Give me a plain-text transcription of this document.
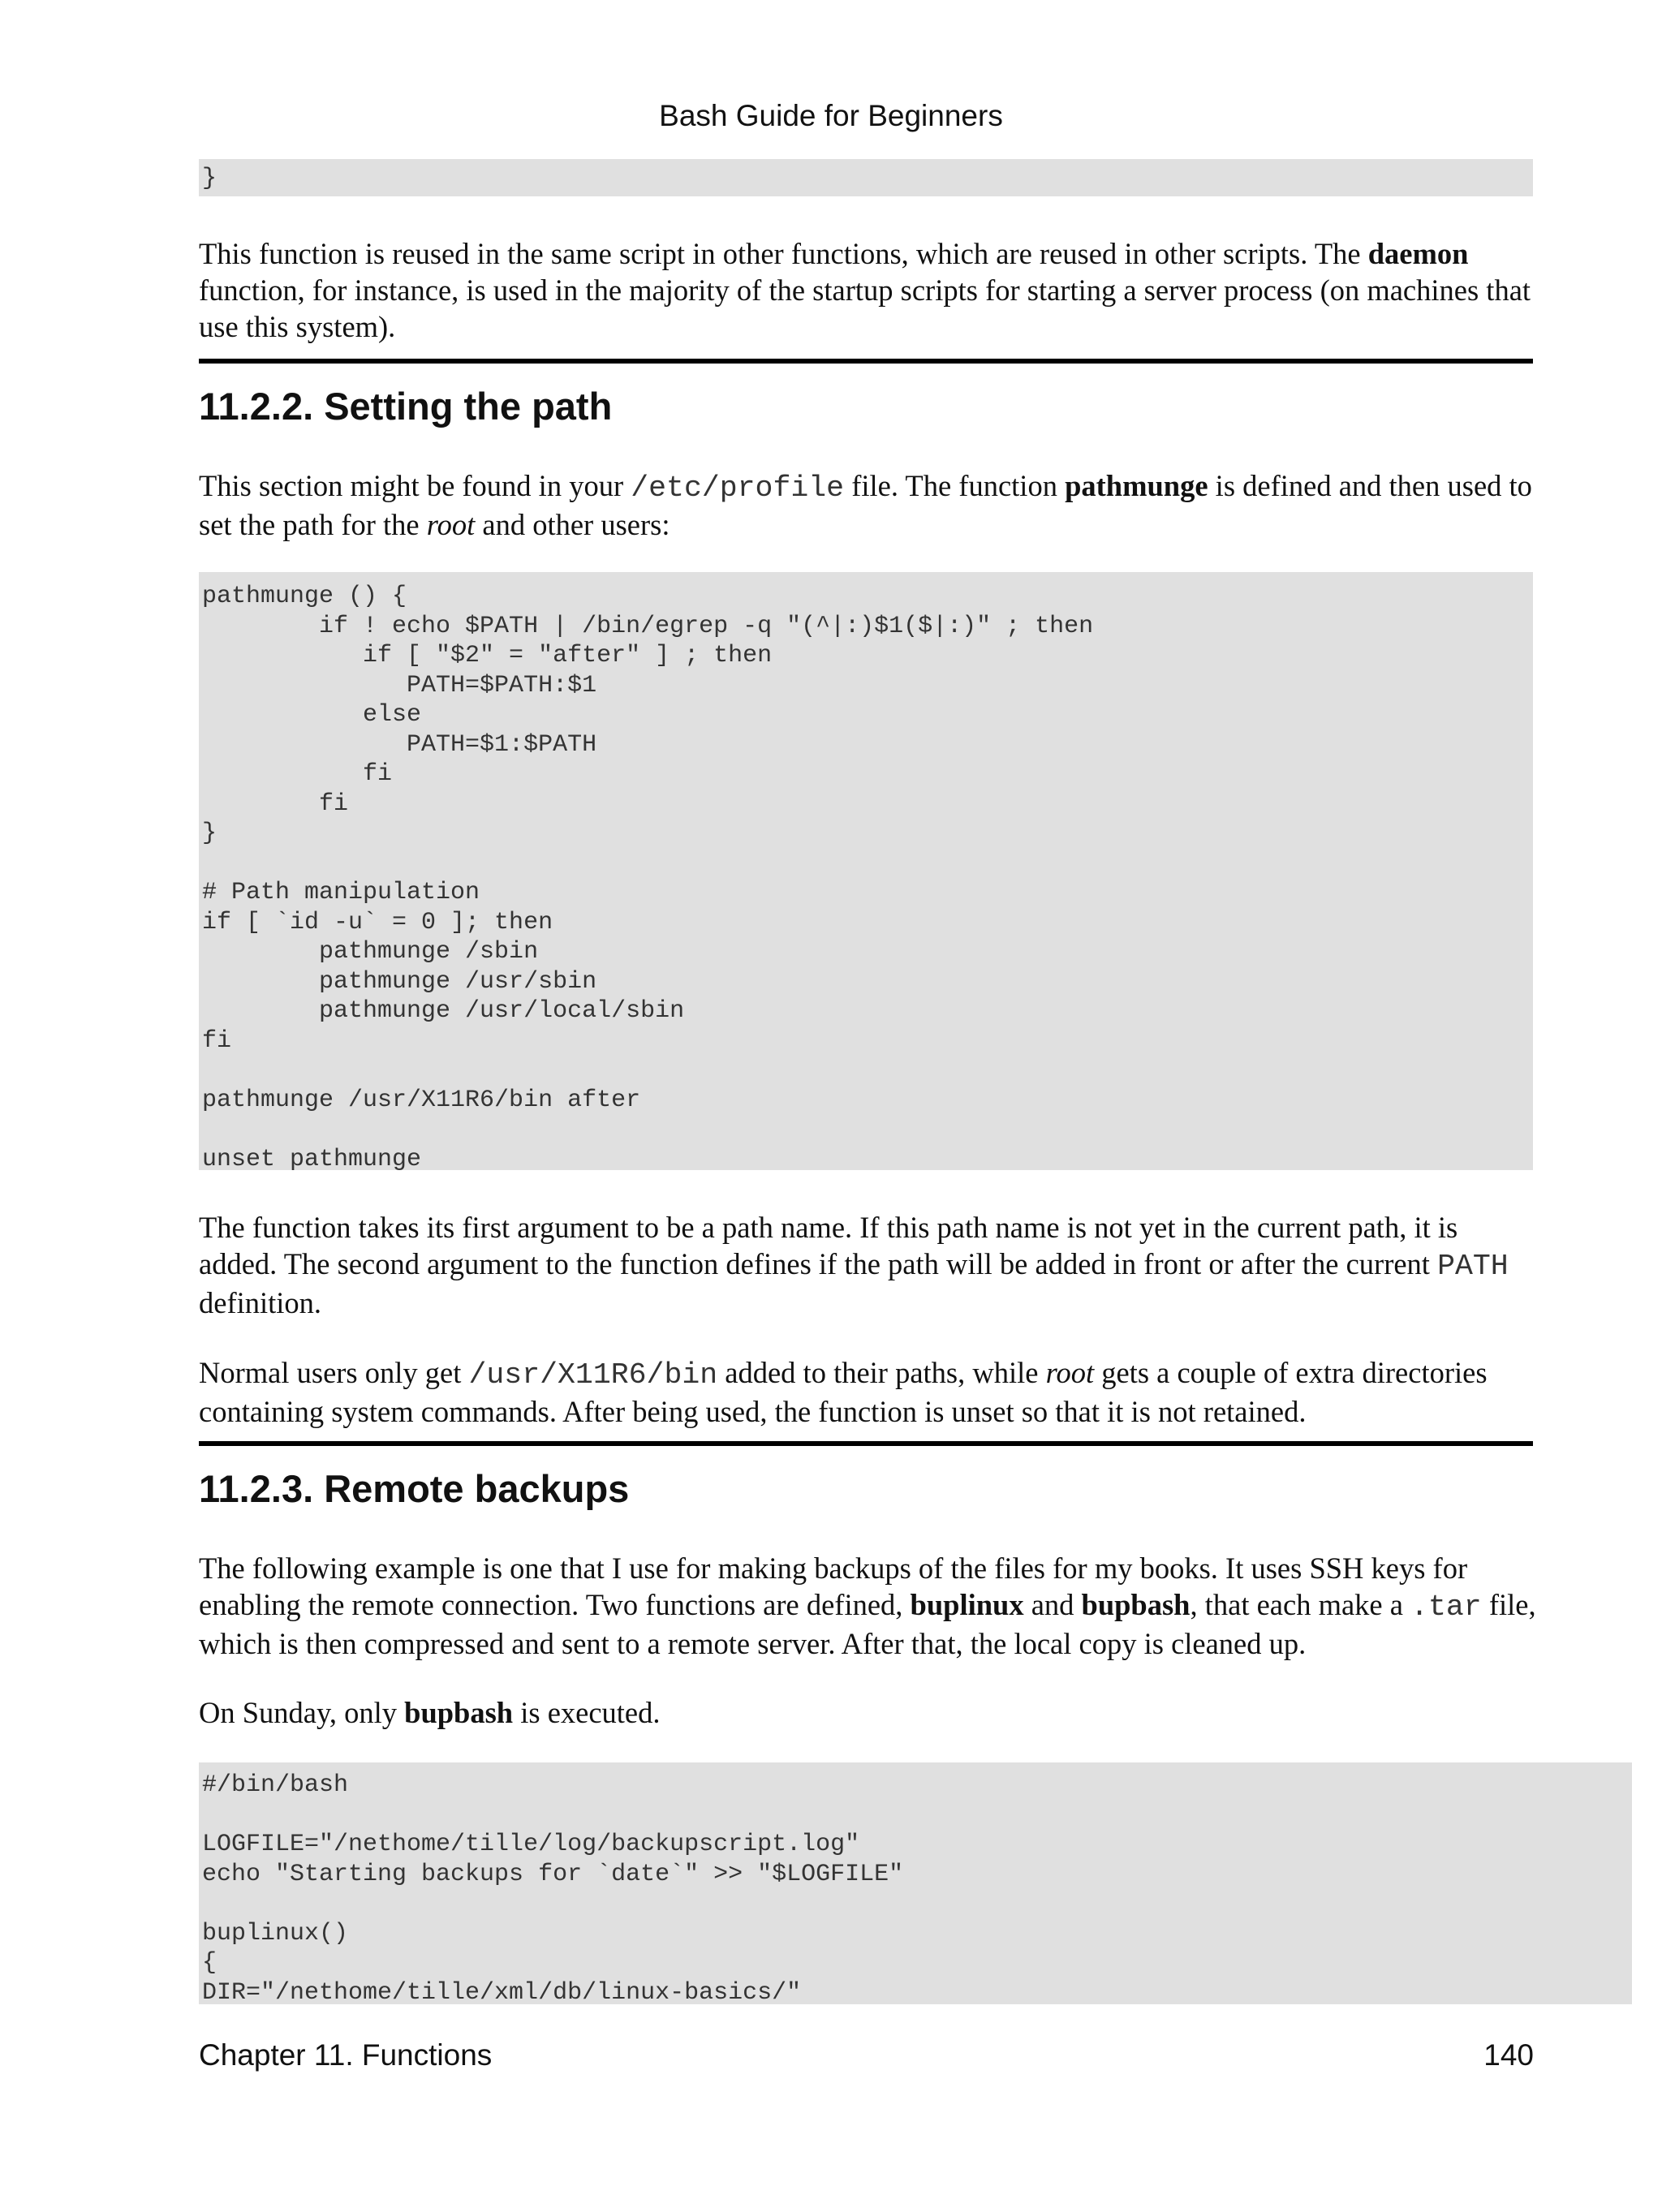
Bash Guide for Beginners
}

This function is reused in the same script in other functions, which are reused in other scripts. The daemon function, for instance, is used in the majority of the startup scripts for starting a server process (on machines that use this system).

11.2.2. Setting the path

This section might be found in your /etc/profile file. The function pathmunge is defined and then used to set the path for the root and other users:

pathmunge () {
if ! echo $PATH | /bin/egrep -q "(^|:)$1($|:)" ; then
if [ "$2" = "after" ] ; then
PATH=$PATH:$1
else
PATH=$1:$PATH
fi
fi
}

# Path manipulation
if [ `id -u` = 0 ]; then
pathmunge /sbin
pathmunge /usr/sbin
pathmunge /usr/local/sbin
fi

pathmunge /usr/X11R6/bin after

unset pathmunge

The function takes its first argument to be a path name. If this path name is not yet in the current path, it is added. The second argument to the function defines if the path will be added in front or after the current PATH definition.

Normal users only get /usr/X11R6/bin added to their paths, while root gets a couple of extra directories containing system commands. After being used, the function is unset so that it is not retained.

11.2.3. Remote backups

The following example is one that I use for making backups of the files for my books. It uses SSH keys for enabling the remote connection. Two functions are defined, buplinux and bupbash, that each make a .tar file, which is then compressed and sent to a remote server. After that, the local copy is cleaned up.

On Sunday, only bupbash is executed.

#/bin/bash

LOGFILE="/nethome/tille/log/backupscript.log"
echo "Starting backups for `date`" >> "$LOGFILE"

buplinux()
{
DIR="/nethome/tille/xml/db/linux-basics/"
Chapter 11. Functions	140
